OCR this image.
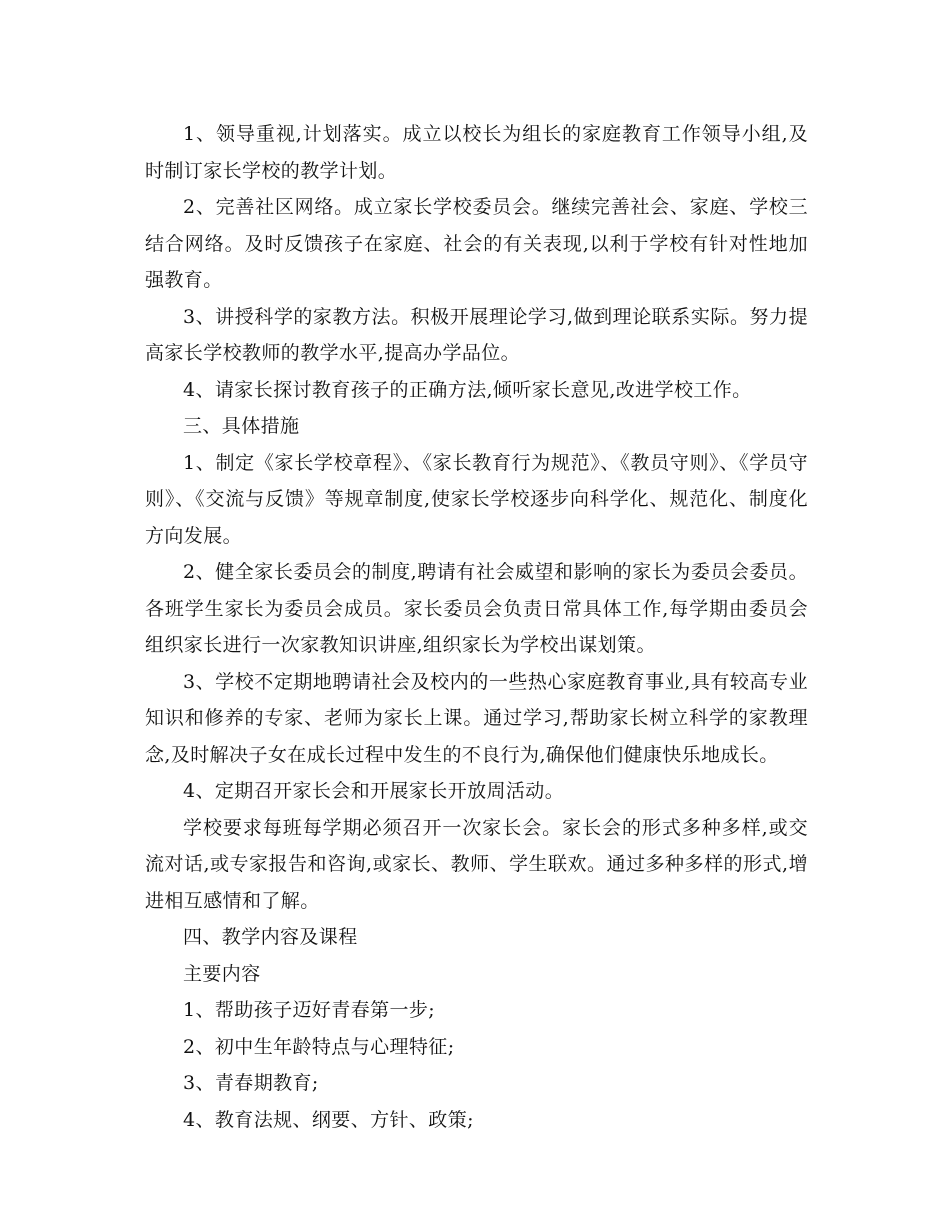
1、领导重视,计划落实。成立以校长为组长的家庭教育工作领导小组,及时制订家长学校的教学计划。

2、完善社区网络。成立家长学校委员会。继续完善社会、家庭、学校三结合网络。及时反馈孩子在家庭、社会的有关表现,以利于学校有针对性地加强教育。

3、讲授科学的家教方法。积极开展理论学习,做到理论联系实际。努力提高家长学校教师的教学水平,提高办学品位。

4、请家长探讨教育孩子的正确方法,倾听家长意见,改进学校工作。

三、具体措施

1、制定《家长学校章程》、《家长教育行为规范》、《教员守则》、《学员守则》、《交流与反馈》等规章制度,使家长学校逐步向科学化、规范化、制度化方向发展。

2、健全家长委员会的制度,聘请有社会威望和影响的家长为委员会委员。各班学生家长为委员会成员。家长委员会负责日常具体工作,每学期由委员会组织家长进行一次家教知识讲座,组织家长为学校出谋划策。

3、学校不定期地聘请社会及校内的一些热心家庭教育事业,具有较高专业知识和修养的专家、老师为家长上课。通过学习,帮助家长树立科学的家教理念,及时解决子女在成长过程中发生的不良行为,确保他们健康快乐地成长。

4、定期召开家长会和开展家长开放周活动。

学校要求每班每学期必须召开一次家长会。家长会的形式多种多样,或交流对话,或专家报告和咨询,或家长、教师、学生联欢。通过多种多样的形式,增进相互感情和了解。

四、教学内容及课程

主要内容

1、帮助孩子迈好青春第一步;

2、初中生年龄特点与心理特征;

3、青春期教育;

4、教育法规、纲要、方针、政策;
